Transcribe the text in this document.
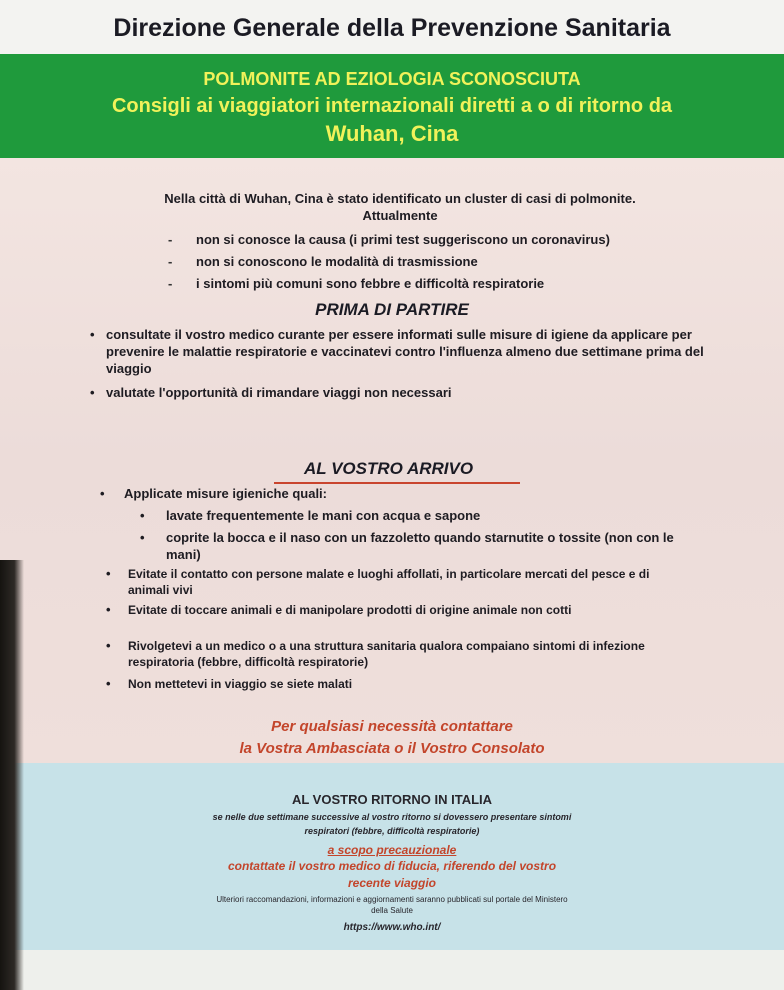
Direzione Generale della Prevenzione Sanitaria
POLMONITE AD EZIOLOGIA SCONOSCIUTA
Consigli ai viaggiatori internazionali diretti a o di ritorno da
Wuhan, Cina
Nella città di Wuhan, Cina è stato identificato un cluster di casi di polmonite.
Attualmente
- non si conosce la causa (i primi test suggeriscono un coronavirus)
- non si conoscono le modalità di trasmissione
- i sintomi più comuni sono febbre e difficoltà respiratorie
PRIMA DI PARTIRE
• consultate il vostro medico curante per essere informati sulle misure di igiene da applicare per prevenire le malattie respiratorie e vaccinatevi contro l'influenza almeno due settimane prima del viaggio
• valutate l'opportunità di rimandare viaggi non necessari
AL VOSTRO ARRIVO
• Applicate misure igieniche quali:
• lavate frequentemente le mani con acqua e sapone
• coprite la bocca e il naso con un fazzoletto quando starnutite o tossite (non con le mani)
• Evitate il contatto con persone malate e luoghi affollati, in particolare mercati del pesce e di animali vivi
• Evitate di toccare animali e di manipolare prodotti di origine animale non cotti
• Rivolgetevi a un medico o a una struttura sanitaria qualora compaiano sintomi di infezione respiratoria (febbre, difficoltà respiratorie)
• Non mettetevi in viaggio se siete malati
Per qualsiasi necessità contattare
la Vostra Ambasciata o il Vostro Consolato
AL VOSTRO RITORNO IN ITALIA
se nelle due settimane successive al vostro ritorno si dovessero presentare sintomi
respiratori (febbre, difficoltà respiratorie)
a scopo precauzionale
contattate il vostro medico di fiducia, riferendo del vostro
recente viaggio
Ulteriori raccomandazioni, informazioni e aggiornamenti saranno pubblicati sul portale del Ministero
della Salute
https://www.who.int/
